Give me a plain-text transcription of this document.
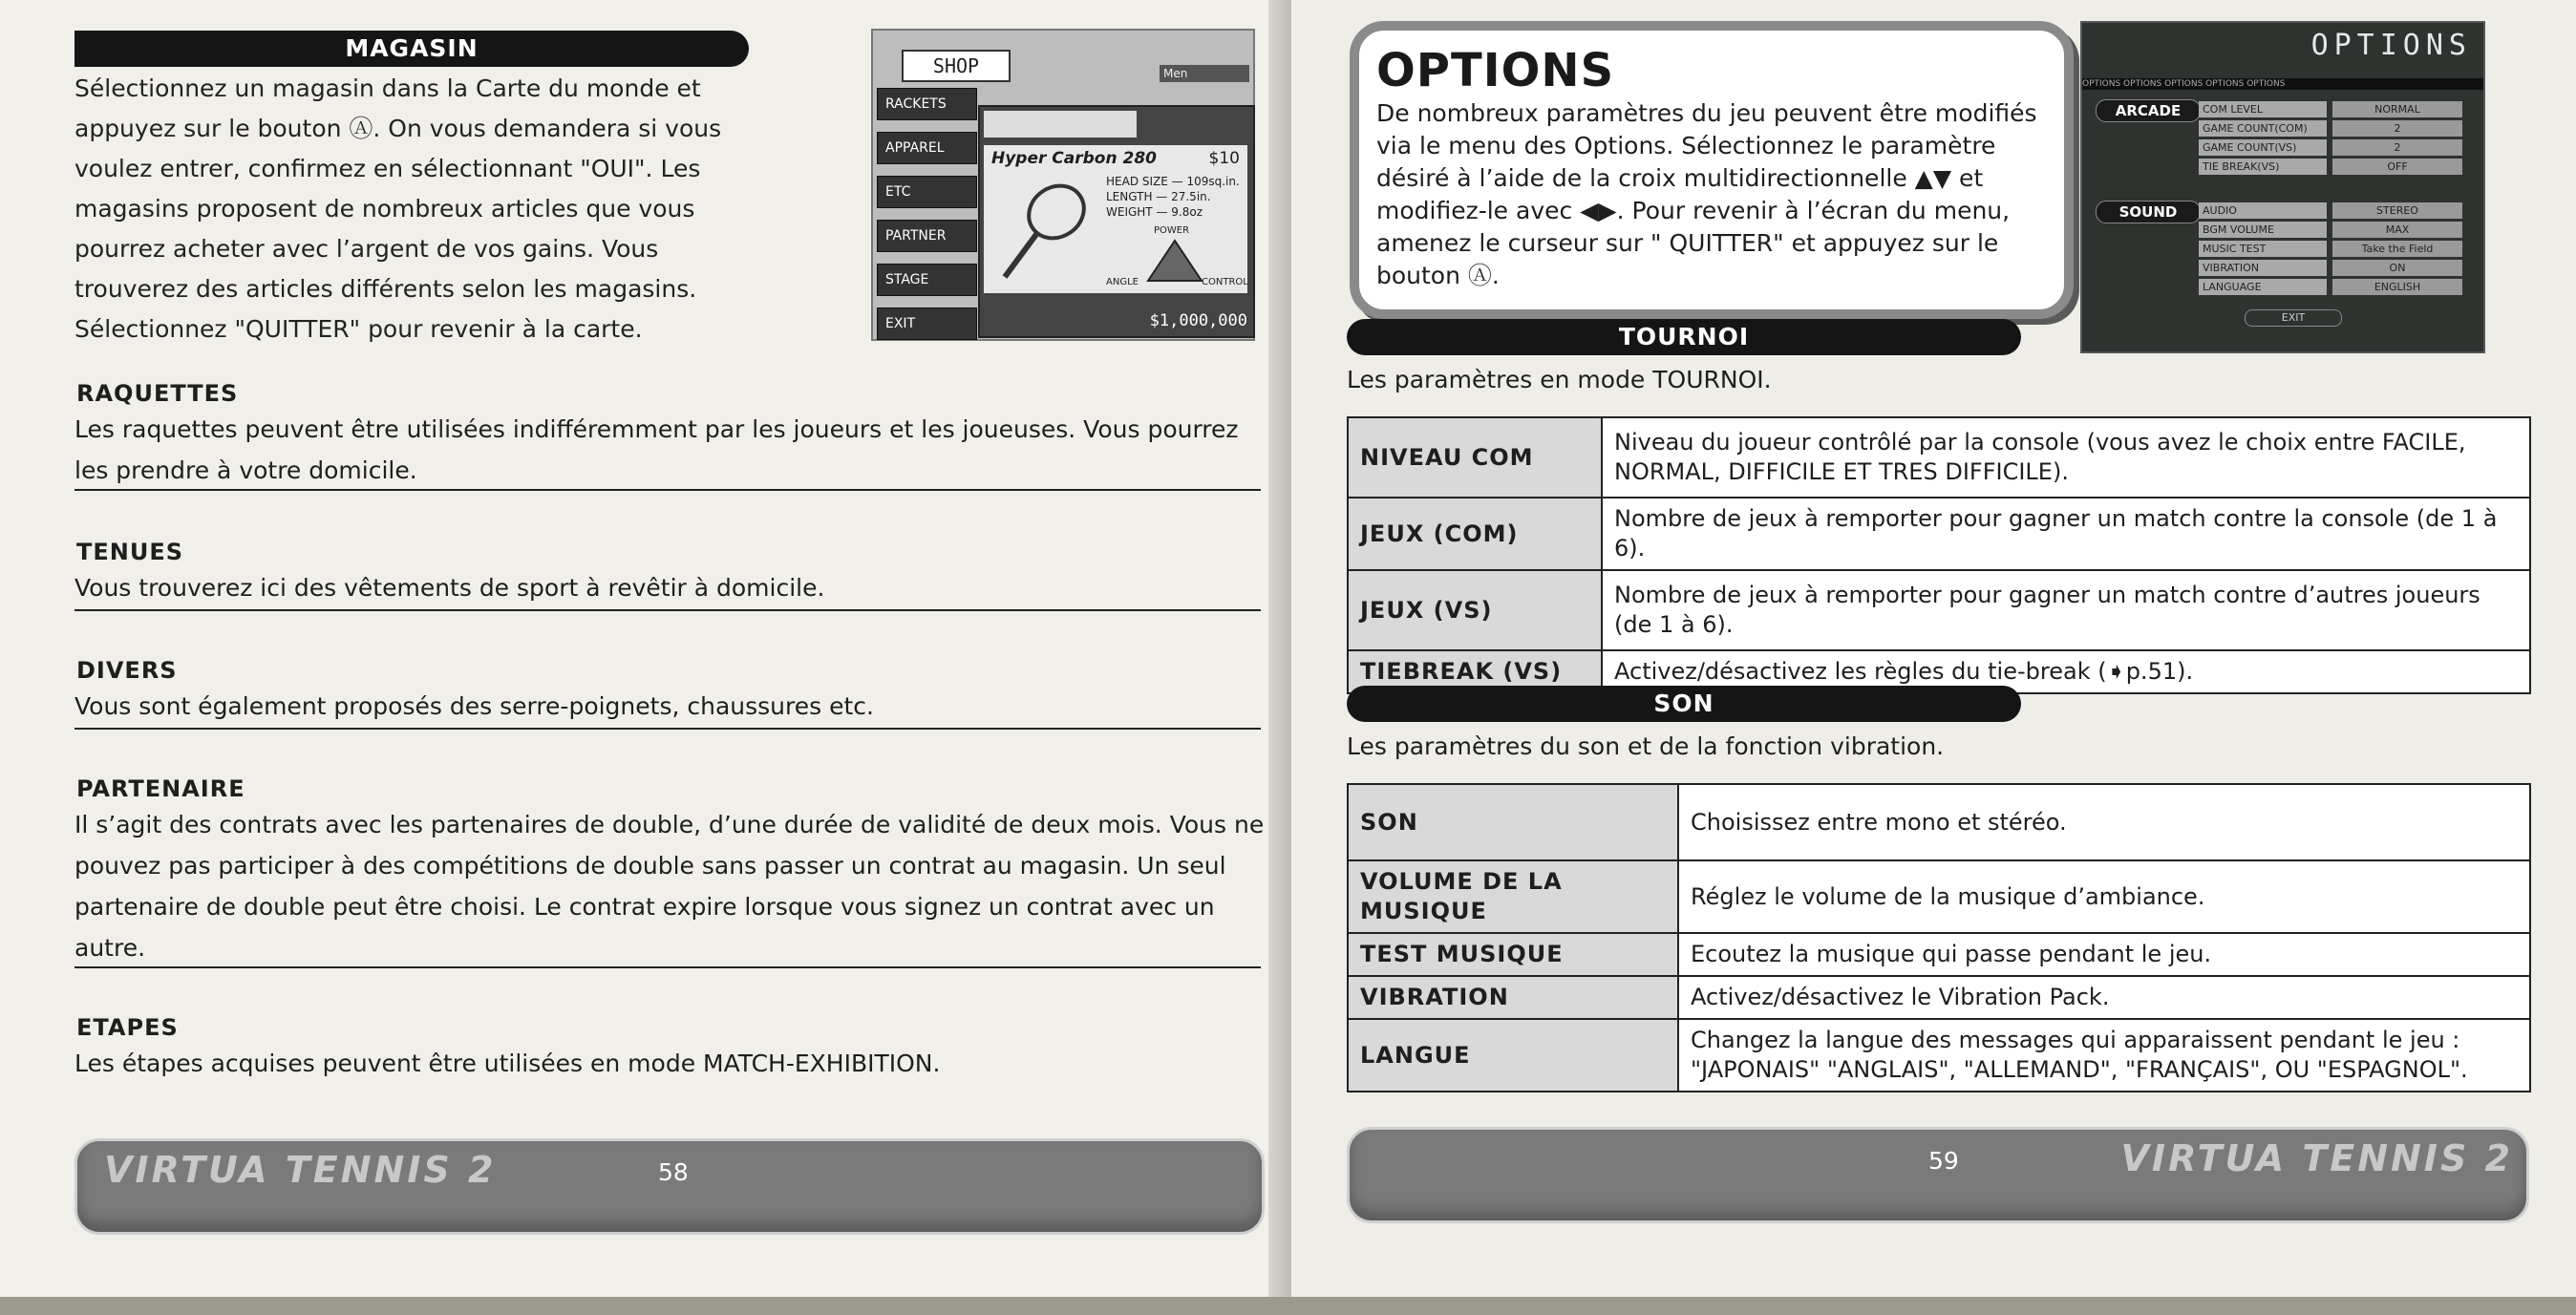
MAGASIN
Sélectionnez un magasin dans la Carte du monde et
appuyez sur le bouton Ⓐ. On vous demandera si vous
voulez entrer, confirmez en sélectionnant "OUI". Les
magasins proposent de nombreux articles que vous
pourrez acheter avec l’argent de vos gains. Vous
trouverez des articles différents selon les magasins.
Sélectionnez "QUITTER" pour revenir à la carte.
SHOP	Men
RACKETS
APPAREL
ETC
PARTNER
STAGE
EXIT
Hyper Carbon 280	$10
HEAD SIZE — 109sq.in.
LENGTH — 27.5in.
WEIGHT — 9.8oz
POWER
ANGLE	CONTROL
$1,000,000
RAQUETTES
Les raquettes peuvent être utilisées indifféremment par les joueurs et les joueuses. Vous pourrez les prendre à votre domicile.
TENUES
Vous trouverez ici des vêtements de sport à revêtir à domicile.
DIVERS
Vous sont également proposés des serre-poignets, chaussures etc.
PARTENAIRE
Il s’agit des contrats avec les partenaires de double, d’une durée de validité de deux mois. Vous ne pouvez pas participer à des compétitions de double sans passer un contrat au magasin. Un seul partenaire de double peut être choisi. Le contrat expire lorsque vous signez un contrat avec un autre.
ETAPES
Les étapes acquises peuvent être utilisées en mode MATCH-EXHIBITION.
VIRTUA TENNIS 2	58
OPTIONS
De nombreux paramètres du jeu peuvent être modifiés via le menu des Options. Sélectionnez le paramètre désiré à l’aide de la croix multidirectionnelle ▲▼ et modifiez-le avec ◀▶. Pour revenir à l’écran du menu, amenez le curseur sur " QUITTER" et appuyez sur le bouton Ⓐ.
OPTIONS
OPTIONS OPTIONS OPTIONS OPTIONS OPTIONS
ARCADE
SOUND
COM LEVEL	NORMAL
GAME COUNT(COM)	2
GAME COUNT(VS)	2
TIE BREAK(VS)	OFF
AUDIO	STEREO
BGM VOLUME	MAX
MUSIC TEST	Take the Field
VIBRATION	ON
LANGUAGE	ENGLISH
EXIT
TOURNOI
Les paramètres en mode TOURNOI.
NIVEAU COM	Niveau du joueur contrôlé par la console (vous avez le choix entre FACILE, NORMAL, DIFFICILE ET TRES DIFFICILE).
JEUX (COM)	Nombre de jeux à remporter pour gagner un match contre la console (de 1 à 6).
JEUX (VS)	Nombre de jeux à remporter pour gagner un match contre d’autres joueurs (de 1 à 6).
TIEBREAK (VS)	Activez/désactivez les règles du tie-break (➧p.51).
SON
Les paramètres du son et de la fonction vibration.
SON	Choisissez entre mono et stéréo.
VOLUME DE LA MUSIQUE	Réglez le volume de la musique d’ambiance.
TEST MUSIQUE	Ecoutez la musique qui passe pendant le jeu.
VIBRATION	Activez/désactivez le Vibration Pack.
LANGUE	Changez la langue des messages qui apparaissent pendant le jeu : "JAPONAIS" "ANGLAIS", "ALLEMAND", "FRANÇAIS", OU "ESPAGNOL".
59	VIRTUA TENNIS 2
